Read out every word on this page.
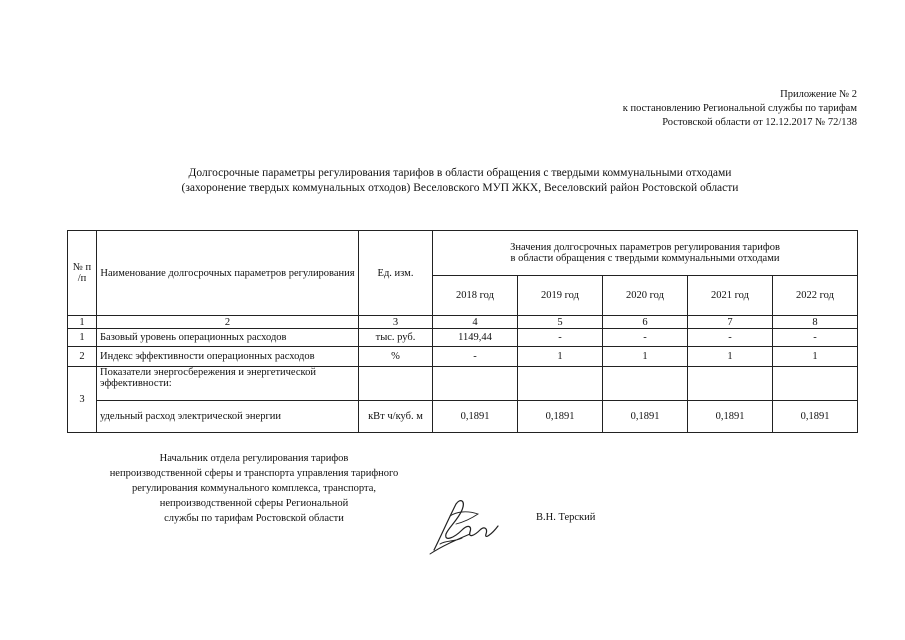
Приложение № 2
к постановлению Региональной службы по тарифам
Ростовской области от 12.12.2017 № 72/138
Долгосрочные параметры регулирования тарифов в области обращения с твердыми коммунальными отходами
(захоронение твердых коммунальных отходов) Веселовского МУП ЖКХ, Веселовский район Ростовской области
№ п /п	Наименование долгосрочных параметров регулирования	Ед. изм.	Значения долгосрочных параметров регулирования тарифов
в области обращения с твердыми коммунальными отходами				

			2018 год	2019 год	2020 год	2021 год	2022 год
1	2	3	4	5	6	7	8
1	Базовый уровень операционных расходов	тыс. руб.	1149,44	-	-	-	-
2	Индекс эффективности операционных расходов	%	-	1	1	1	1
3	Показатели энергосбережения и энергетической эффективности:						
	удельный расход электрической энергии	кВт ч/куб. м	0,1891	0,1891	0,1891	0,1891	0,1891
Начальник отдела регулирования тарифов
непроизводственной сферы и транспорта управления тарифного
регулирования коммунального комплекса, транспорта,
непроизводственной сферы Региональной
службы по тарифам Ростовской области	В.Н. Терский
